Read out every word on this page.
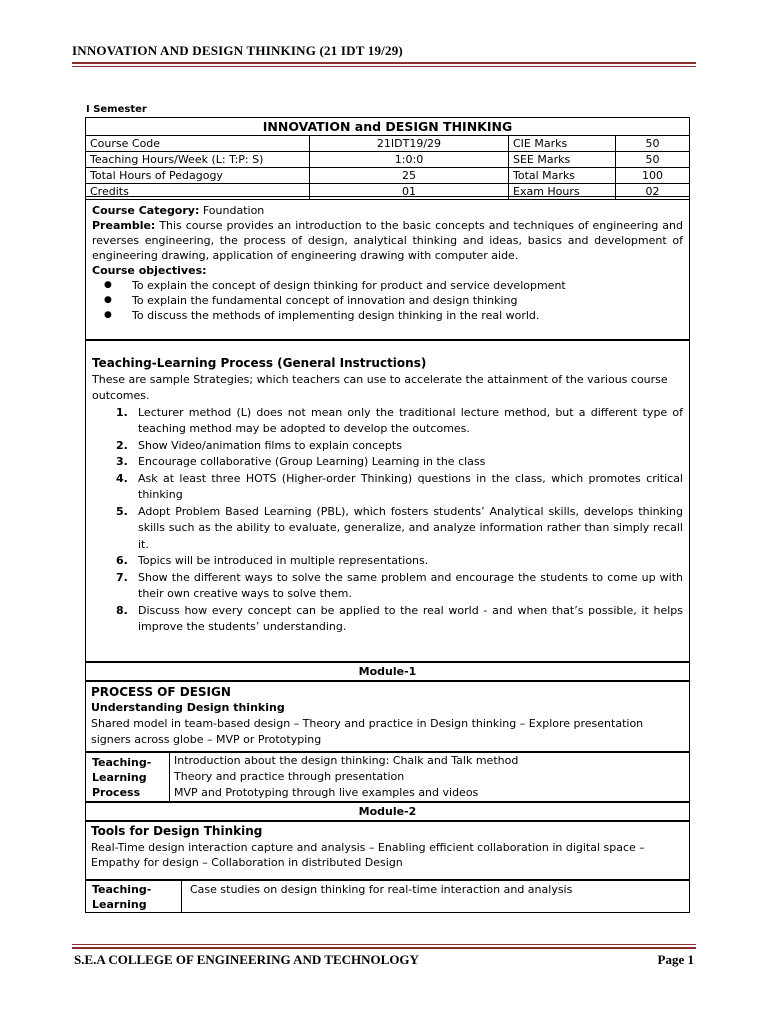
INNOVATION AND DESIGN THINKING (21 IDT 19/29)
I Semester
INNOVATION and DESIGN THINKING			
Course Code	21IDT19/29	CIE Marks	50
Teaching Hours/Week (L: T:P: S)	1:0:0	SEE Marks	50
Total Hours of Pedagogy	25	Total Marks	100
Credits	01	Exam Hours	02

Course Category: Foundation

Preamble: This course provides an introduction to the basic concepts and techniques of engineering and reverses engineering, the process of design, analytical thinking and ideas, basics and development of engineering drawing, application of engineering drawing with computer aide.

Course objectives:

● To explain the concept of design thinking for product and service development
● To explain the fundamental concept of innovation and design thinking
● To discuss the methods of implementing design thinking in the real world.

Teaching-Learning Process (General Instructions)

These are sample Strategies; which teachers can use to accelerate the attainment of the various course outcomes.

1. Lecturer method (L) does not mean only the traditional lecture method, but a different type of teaching method may be adopted to develop the outcomes.
2. Show Video/animation films to explain concepts
3. Encourage collaborative (Group Learning) Learning in the class
4. Ask at least three HOTS (Higher-order Thinking) questions in the class, which promotes critical thinking
5. Adopt Problem Based Learning (PBL), which fosters students’ Analytical skills, develops thinking skills such as the ability to evaluate, generalize, and analyze information rather than simply recall it.
6. Topics will be introduced in multiple representations.
7. Show the different ways to solve the same problem and encourage the students to come up with their own creative ways to solve them.
8. Discuss how every concept can be applied to the real world - and when that’s possible, it helps improve the students’ understanding.
Module-1
PROCESS OF DESIGN
Understanding Design thinking
Shared model in team-based design – Theory and practice in Design thinking – Explore presentation signers across globe – MVP or Prototyping
Teaching-Learning Process
Introduction about the design thinking: Chalk and Talk method
Theory and practice through presentation
MVP and Prototyping through live examples and videos
Module-2
Tools for Design Thinking
Real-Time design interaction capture and analysis – Enabling efficient collaboration in digital space – Empathy for design – Collaboration in distributed Design
Teaching-Learning
Case studies on design thinking for real-time interaction and analysis
S.E.A COLLEGE OF ENGINEERING AND TECHNOLOGY	Page 1
